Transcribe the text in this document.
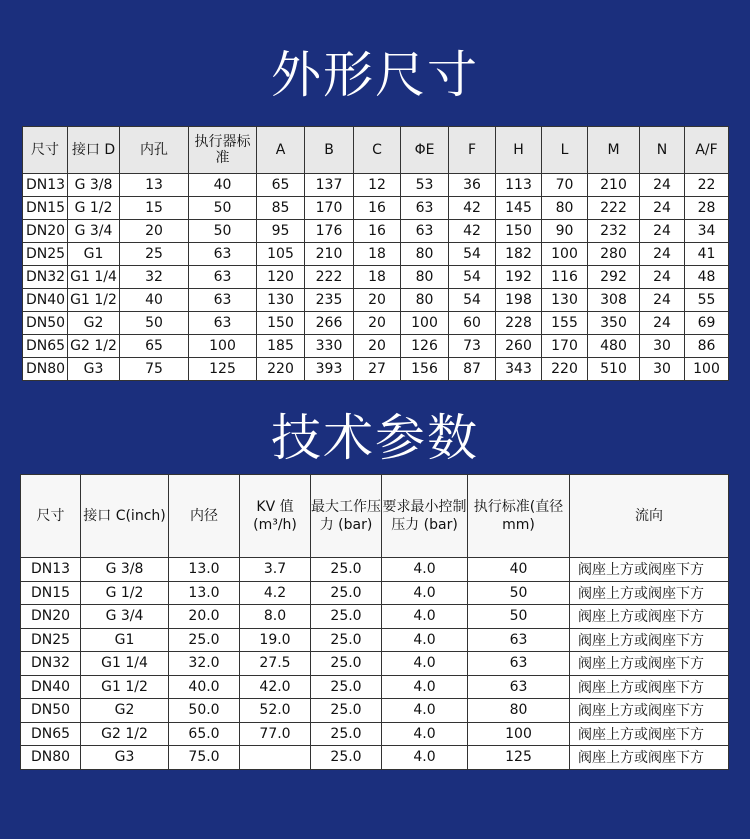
外形尺寸
尺寸	接口 D	内孔	执行器标准	A	B	C	ΦE	F	H	L	M	N	A/F
DN13	G 3/8	13	40	65	137	12	53	36	113	70	210	24	22
DN15	G 1/2	15	50	85	170	16	63	42	145	80	222	24	28
DN20	G 3/4	20	50	95	176	16	63	42	150	90	232	24	34
DN25	G1	25	63	105	210	18	80	54	182	100	280	24	41
DN32	G1 1/4	32	63	120	222	18	80	54	192	116	292	24	48
DN40	G1 1/2	40	63	130	235	20	80	54	198	130	308	24	55
DN50	G2	50	63	150	266	20	100	60	228	155	350	24	69
DN65	G2 1/2	65	100	185	330	20	126	73	260	170	480	30	86
DN80	G3	75	125	220	393	27	156	87	343	220	510	30	100
技术参数
尺寸	接口 C(inch)	内径	KV 值 (m³/h)	最大工作压力 (bar)	要求最小控制压力 (bar)	执行标准(直径 mm)	流向
DN13	G 3/8	13.0	3.7	25.0	4.0	40	阀座上方或阀座下方
DN15	G 1/2	13.0	4.2	25.0	4.0	50	阀座上方或阀座下方
DN20	G 3/4	20.0	8.0	25.0	4.0	50	阀座上方或阀座下方
DN25	G1	25.0	19.0	25.0	4.0	63	阀座上方或阀座下方
DN32	G1 1/4	32.0	27.5	25.0	4.0	63	阀座上方或阀座下方
DN40	G1 1/2	40.0	42.0	25.0	4.0	63	阀座上方或阀座下方
DN50	G2	50.0	52.0	25.0	4.0	80	阀座上方或阀座下方
DN65	G2 1/2	65.0	77.0	25.0	4.0	100	阀座上方或阀座下方
DN80	G3	75.0		25.0	4.0	125	阀座上方或阀座下方
